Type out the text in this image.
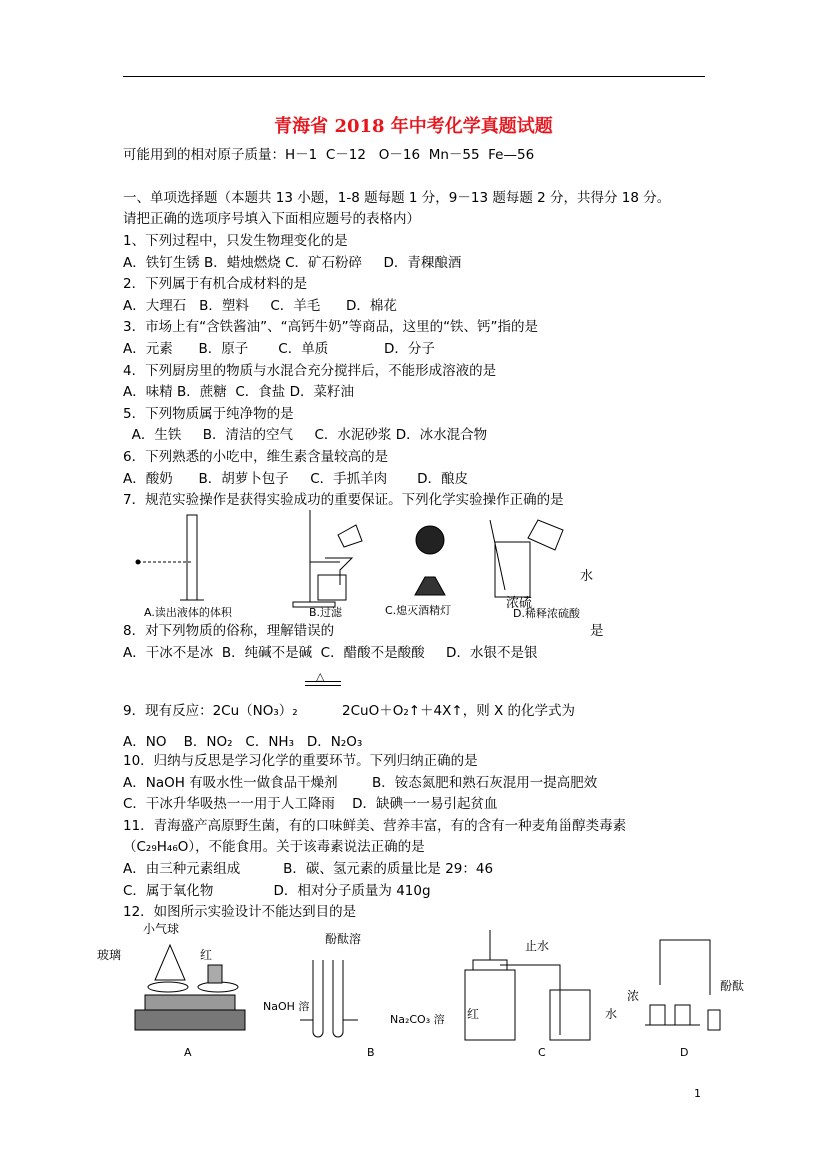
青海省 2018 年中考化学真题试题
可能用到的相对原子质量：H－1  C－12   O－16  Mn－55  Fe—56
一、单项选择题（本题共 13 小题，1-8 题每题 1 分，9－13 题每题 2 分，共得分 18 分。
请把正确的选项序号填入下面相应题号的表格内）
1、下列过程中，只发生物理变化的是
A．铁钉生锈 B．蜡烛燃烧 C．矿石粉碎     D．青稞酿酒
2．下列属于有机合成材料的是
A．大理石   B．塑料     C．羊毛      D．棉花
3．市场上有“含铁酱油”、“高钙牛奶”等商品，这里的“铁、钙”指的是
A．元素      B．原子       C．单质             D．分子
4．下列厨房里的物质与水混合充分搅拌后，不能形成溶液的是
A．味精 B．蔗糖  C．食盐 D．菜籽油
5．下列物质属于纯净物的是
A．生铁     B．清洁的空气     C．水泥砂浆 D．冰水混合物
6．下列熟悉的小吃中，维生素含量较高的是
A．酸奶      B．胡萝卜包子     C．手抓羊肉       D．酿皮
7．规范实验操作是获得实验成功的重要保证。下列化学实验操作正确的是
A.读出液体的体积	B.过滤	C.熄灭酒精灯	D.稀释浓硫酸
水
浓硫
8．对下列物质的俗称，理解错误的	是
A．干冰不是冰  B．纯碱不是碱  C．醋酸不是酸酸     D．水银不是银
△
9．现有反应：2Cu（NO₃）₂	2CuO＋O₂↑＋4X↑，则 X 的化学式为
A．NO    B．NO₂   C．NH₃   D．N₂O₃
10．归纳与反思是学习化学的重要环节。下列归纳正确的是
A．NaOH 有吸水性一做食品干燥剂        B．铵态氮肥和熟石灰混用一提高肥效
C．干冰升华吸热一一用于人工降雨    D．缺碘一一易引起贫血
11．青海盛产高原野生菌，有的口味鲜美、营养丰富，有的含有一种麦角甾醇类毒素
（C₂₉H₄₆O），不能食用。关于该毒素说法正确的是
A．由三种元素组成          B．碳、氢元素的质量比是 29：46
C．属于氧化物              D．相对分子质量为 410g
12．如图所示实验设计不能达到目的是
小气球
玻璃	红
A
酚酞溶
NaOH 溶
Na₂CO₃ 溶
B
止水
红	水
C
浓
酚酞
D
1
